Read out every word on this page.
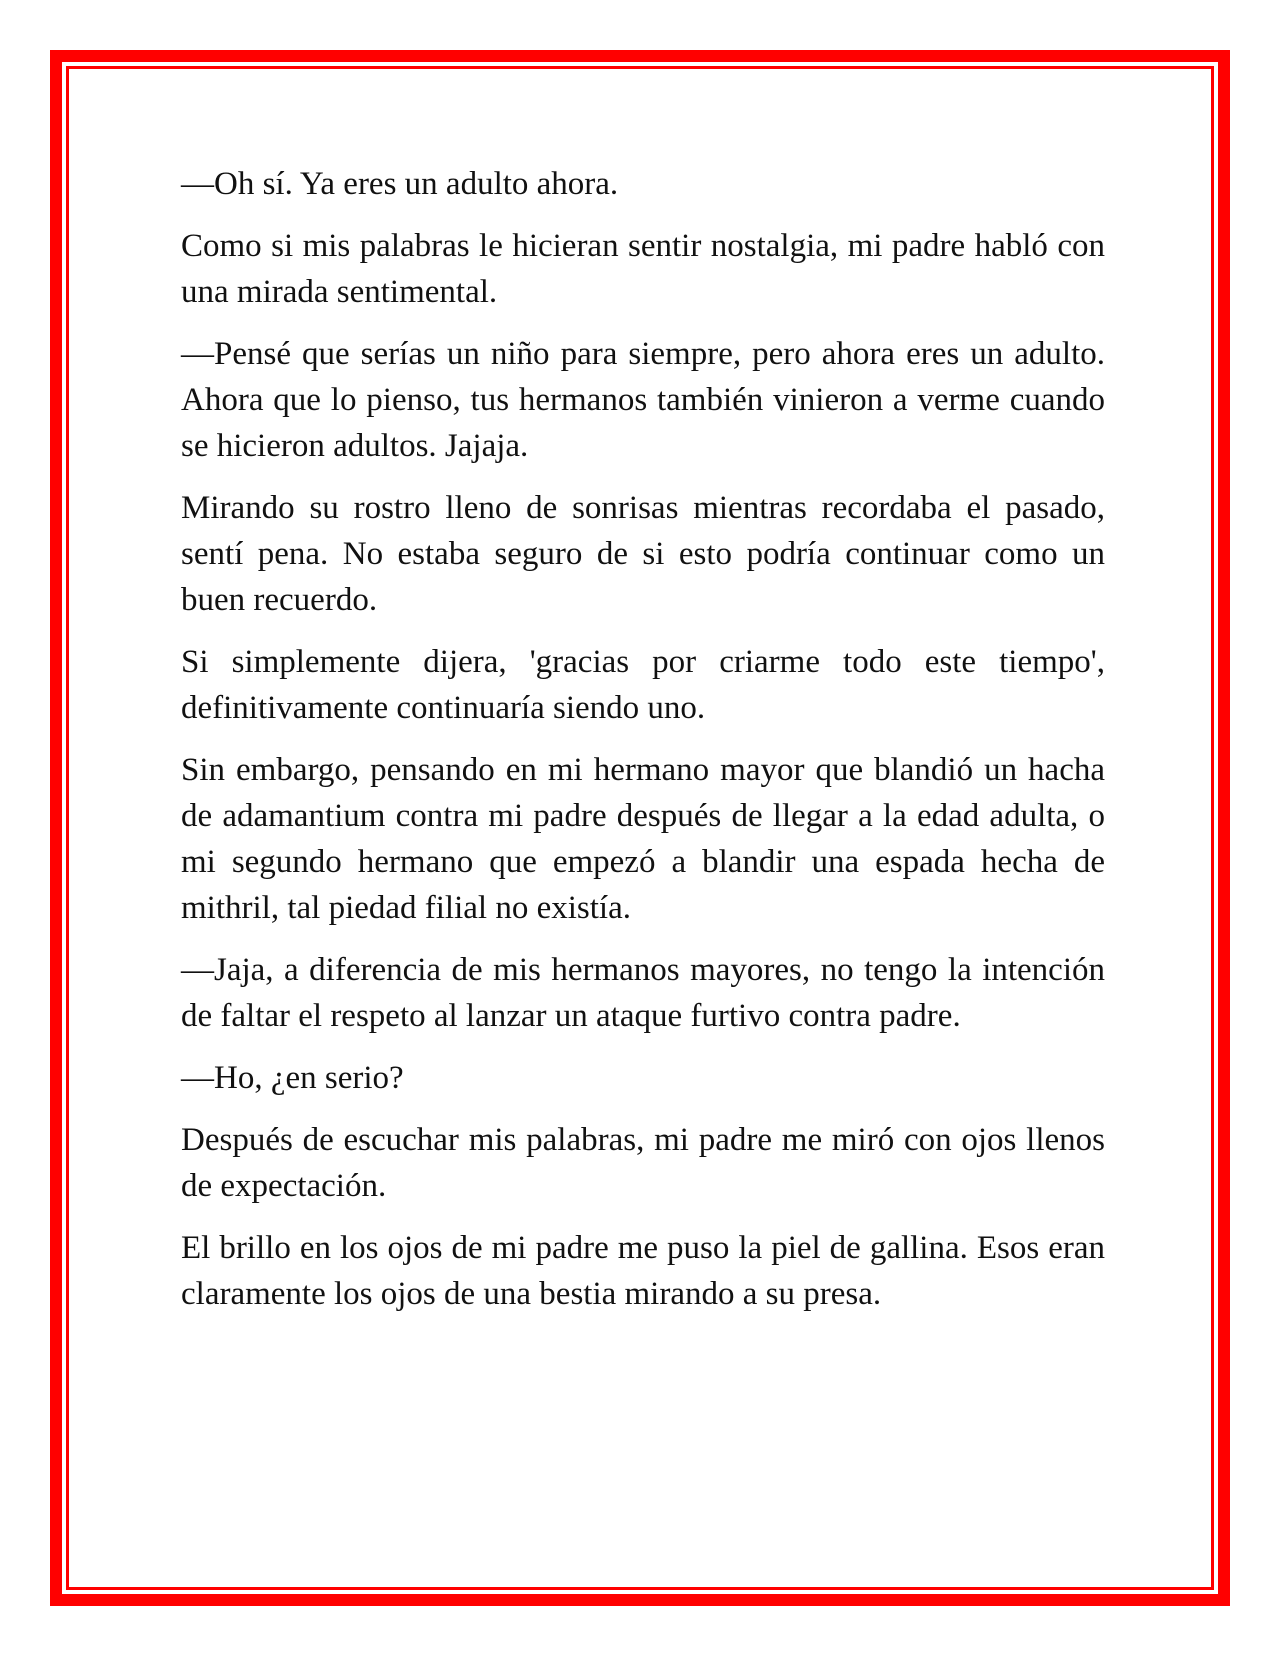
—Oh sí. Ya eres un adulto ahora.

Como si mis palabras le hicieran sentir nostalgia, mi padre habló con una mirada sentimental.

—Pensé que serías un niño para siempre, pero ahora eres un adulto. Ahora que lo pienso, tus hermanos también vinieron a verme cuando se hicieron adultos. Jajaja.

Mirando su rostro lleno de sonrisas mientras recordaba el pasado, sentí pena. No estaba seguro de si esto podría continuar como un buen recuerdo.

Si simplemente dijera, 'gracias por criarme todo este tiempo', definitivamente continuaría siendo uno.

Sin embargo, pensando en mi hermano mayor que blandió un hacha de adamantium contra mi padre después de llegar a la edad adulta, o mi segundo hermano que empezó a blandir una espada hecha de mithril, tal piedad filial no existía.

—Jaja, a diferencia de mis hermanos mayores, no tengo la intención de faltar el respeto al lanzar un ataque furtivo contra padre.

—Ho, ¿en serio?

Después de escuchar mis palabras, mi padre me miró con ojos llenos de expectación.

El brillo en los ojos de mi padre me puso la piel de gallina. Esos eran claramente los ojos de una bestia mirando a su presa.
